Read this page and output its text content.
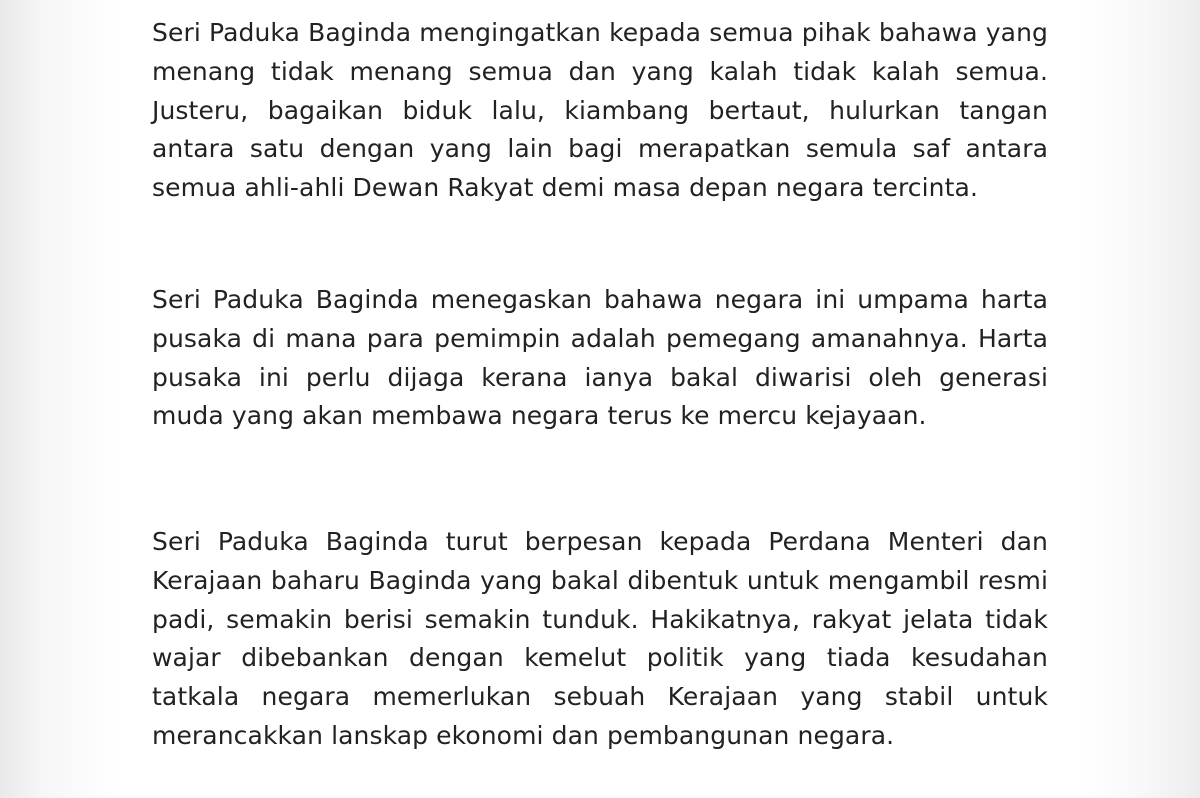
Seri Paduka Baginda mengingatkan kepada semua pihak bahawa yang menang tidak menang semua dan yang kalah tidak kalah semua. Justeru, bagaikan biduk lalu, kiambang bertaut, hulurkan tangan antara satu dengan yang lain bagi merapatkan semula saf antara semua ahli-ahli Dewan Rakyat demi masa depan negara tercinta.

Seri Paduka Baginda menegaskan bahawa negara ini umpama harta pusaka di mana para pemimpin adalah pemegang amanahnya. Harta pusaka ini perlu dijaga kerana ianya bakal diwarisi oleh generasi muda yang akan membawa negara terus ke mercu kejayaan.

Seri Paduka Baginda turut berpesan kepada Perdana Menteri dan Kerajaan baharu Baginda yang bakal dibentuk untuk mengambil resmi padi, semakin berisi semakin tunduk. Hakikatnya, rakyat jelata tidak wajar dibebankan dengan kemelut politik yang tiada kesudahan tatkala negara memerlukan sebuah Kerajaan yang stabil untuk merancakkan lanskap ekonomi dan pembangunan negara.
